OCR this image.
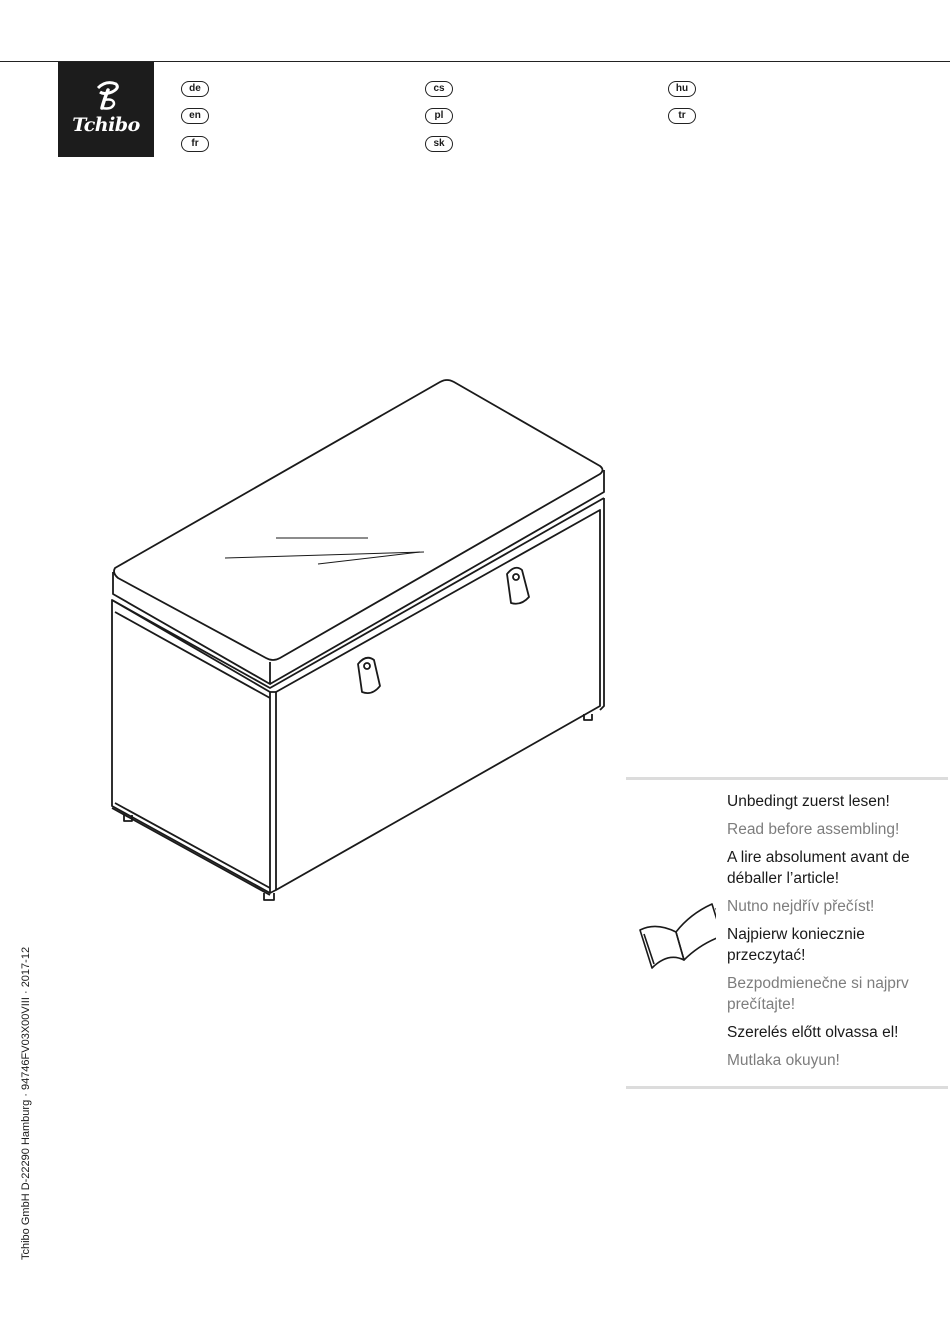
Tchibo
de
en
fr
cs
pl
sk
hu
tr
Unbedingt zuerst lesen!
Read before assembling!
A lire absolument avant de déballer l’article!
Nutno nejdřív přečíst!
Najpierw koniecznie przeczytać!
Bezpodmienečne si najprv prečítajte!
Szerelés előtt olvassa el!
Mutlaka okuyun!
Tchibo GmbH D-22290 Hamburg · 94746FV03X00VIII · 2017-12
